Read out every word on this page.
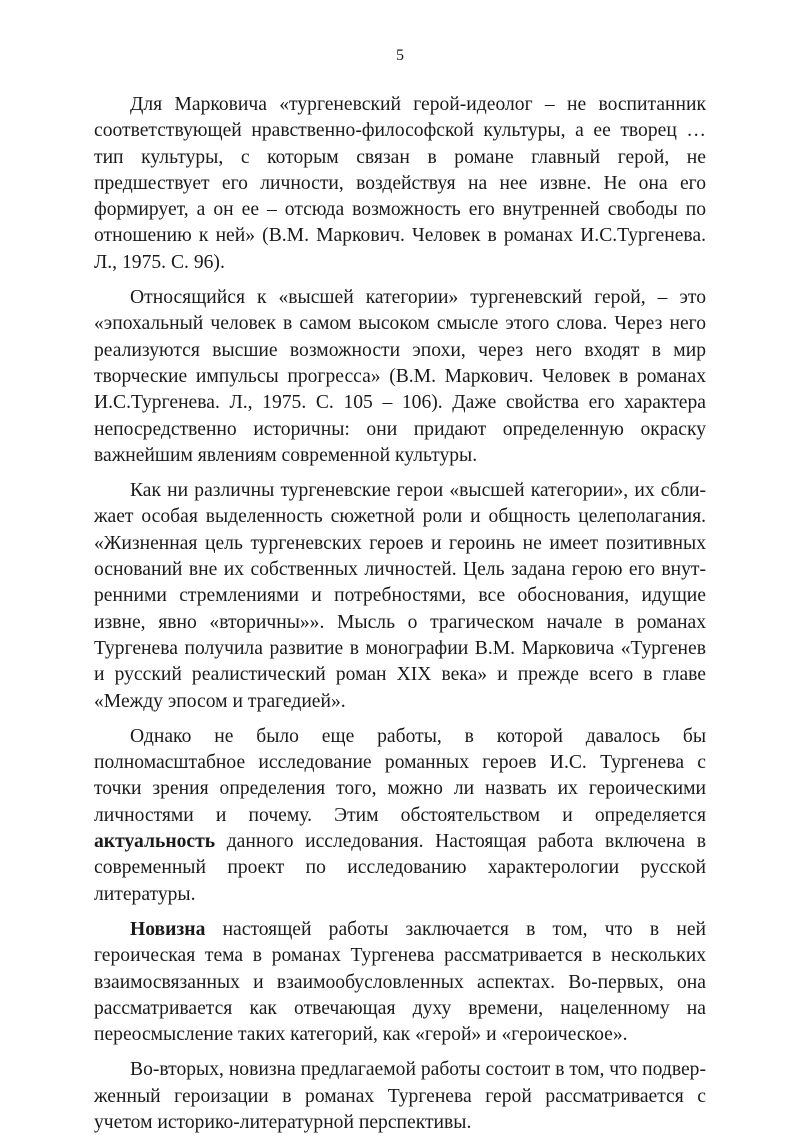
5

Для Марковича «тургеневский герой-идеолог – не воспитанник соответствующей нравственно-философской культуры, а ее творец … тип культуры, с которым связан в романе главный герой, не предшествует его личности, воздействуя на нее извне. Не она его формирует, а он ее – отсюда возможность его внутренней свободы по отношению к ней» (В.М. Маркович. Человек в романах И.С.Тургенева. Л., 1975. С. 96).

Относящийся к «высшей категории» тургеневский герой, – это «эпохальный человек в самом высоком смысле этого слова. Через него реализуются высшие возможности эпохи, через него входят в мир творческие импульсы прогресса» (В.М. Маркович. Человек в романах И.С.Тургенева. Л., 1975. С. 105 – 106). Даже свойства его характера непосредственно историчны: они придают определенную окраску важнейшим явлениям современной культуры.

Как ни различны тургеневские герои «высшей категории», их сближает особая выделенность сюжетной роли и общность целеполагания. «Жизненная цель тургеневских героев и героинь не имеет позитивных оснований вне их собственных личностей. Цель задана герою его внутренними стремлениями и потребностями, все обоснования, идущие извне, явно «вторичны»». Мысль о трагическом начале в романах Тургенева получила развитие в монографии В.М. Марковича «Тургенев и русский реалистический роман XIX века» и прежде всего в главе «Между эпосом и трагедией».

Однако не было еще работы, в которой давалось бы полномасштабное исследование романных героев И.С. Тургенева с точки зрения определения того, можно ли назвать их героическими личностями и почему. Этим обстоятельством и определяется актуальность данного исследования. Настоящая работа включена в современный проект по исследованию характерологии русской литературы.

Новизна настоящей работы заключается в том, что в ней героическая тема в романах Тургенева рассматривается в нескольких взаимосвязанных и взаимообусловленных аспектах. Во-первых, она рассматривается как отвечающая духу времени, нацеленному на переосмысление таких категорий, как «герой» и «героическое».

Во-вторых, новизна предлагаемой работы состоит в том, что подверженный героизации в романах Тургенева герой рассматривается с учетом историко-литературной перспективы.
